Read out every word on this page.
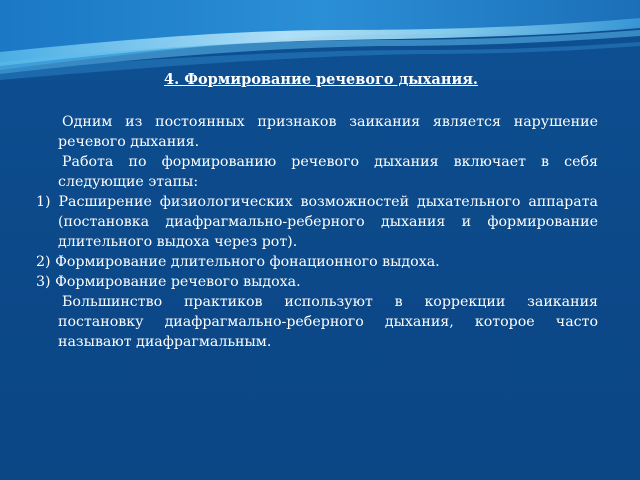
4. Формирование речевого дыхания.

Одним из постоянных признаков заикания является нарушение речевого дыхания.

Работа по формированию речевого дыхания включает в себя следующие этапы:

1) Расширение физиологических возможностей дыхательного аппарата (постановка диафрагмально-реберного дыхания и формирование длительного выдоха через рот).

2) Формирование длительного фонационного выдоха.

3) Формирование речевого выдоха.

Большинство практиков используют в коррекции заикания постановку диафрагмально-реберного дыхания, которое часто называют диафрагмальным.
